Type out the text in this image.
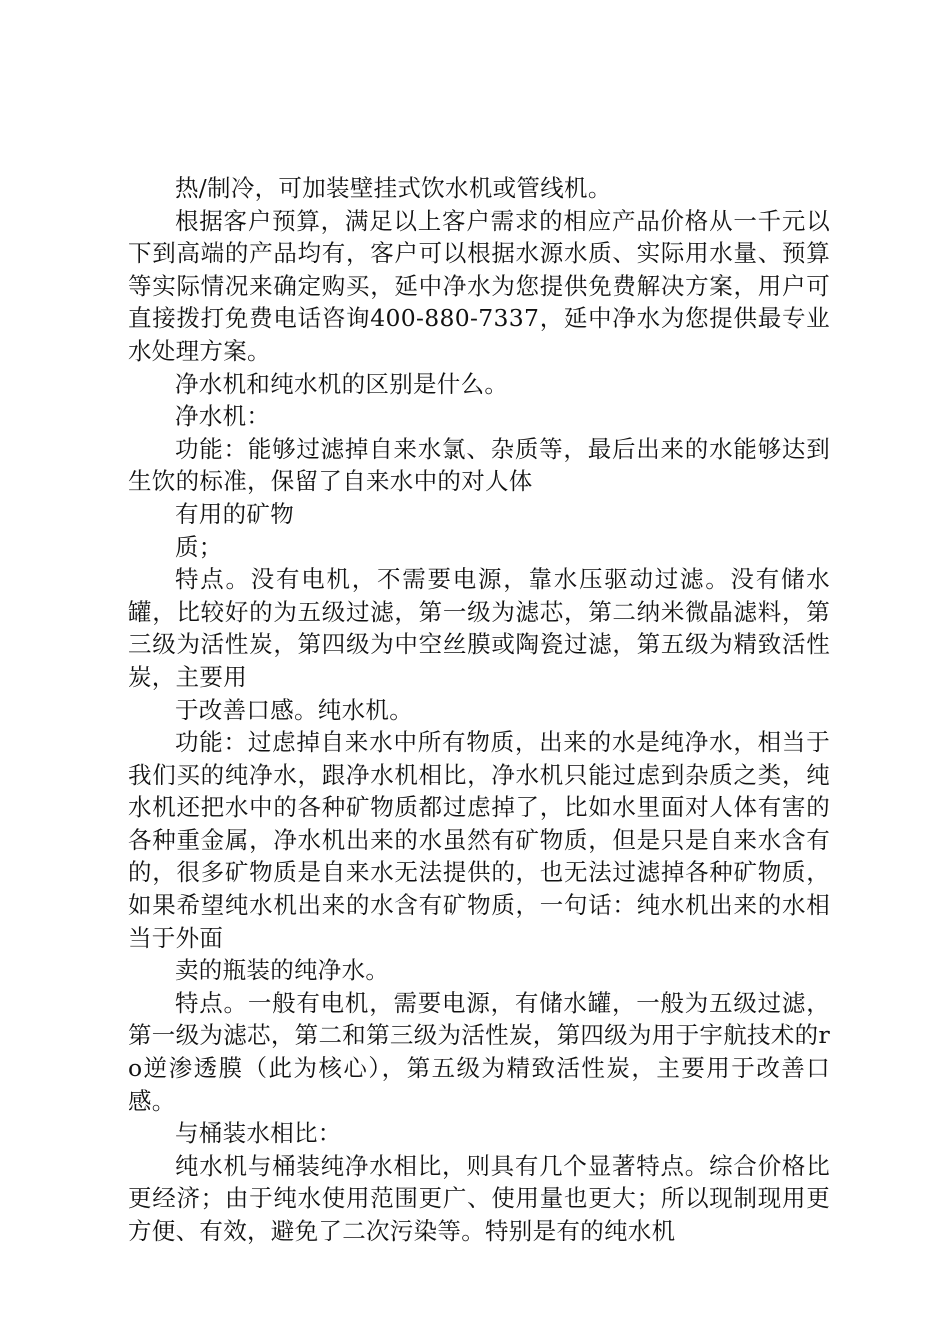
热/制冷，可加装壁挂式饮水机或管线机。

根据客户预算，满足以上客户需求的相应产品价格从一千元以下到高端的产品均有，客户可以根据水源水质、实际用水量、预算等实际情况来确定购买，延中净水为您提供免费解决方案，用户可直接拨打免费电话咨询400-880-7337，延中净水为您提供最专业水处理方案。

净水机和纯水机的区别是什么。

净水机：

功能：能够过滤掉自来水氯、杂质等，最后出来的水能够达到生饮的标准，保留了自来水中的对人体

有用的矿物

质；

特点。没有电机，不需要电源，靠水压驱动过滤。没有储水罐，比较好的为五级过滤，第一级为滤芯，第二纳米微晶滤料，第三级为活性炭，第四级为中空丝膜或陶瓷过滤，第五级为精致活性炭，主要用

于改善口感。纯水机。

功能：过虑掉自来水中所有物质，出来的水是纯净水，相当于我们买的纯净水，跟净水机相比，净水机只能过虑到杂质之类，纯水机还把水中的各种矿物质都过虑掉了，比如水里面对人体有害的各种重金属，净水机出来的水虽然有矿物质，但是只是自来水含有的，很多矿物质是自来水无法提供的，也无法过滤掉各种矿物质，如果希望纯水机出来的水含有矿物质，一句话：纯水机出来的水相当于外面

卖的瓶装的纯净水。

特点。一般有电机，需要电源，有储水罐，一般为五级过滤，第一级为滤芯，第二和第三级为活性炭，第四级为用于宇航技术的ro逆渗透膜（此为核心），第五级为精致活性炭，主要用于改善口感。

与桶装水相比：

纯水机与桶装纯净水相比，则具有几个显著特点。综合价格比更经济；由于纯水使用范围更广、使用量也更大；所以现制现用更方便、有效，避免了二次污染等。特别是有的纯水机
